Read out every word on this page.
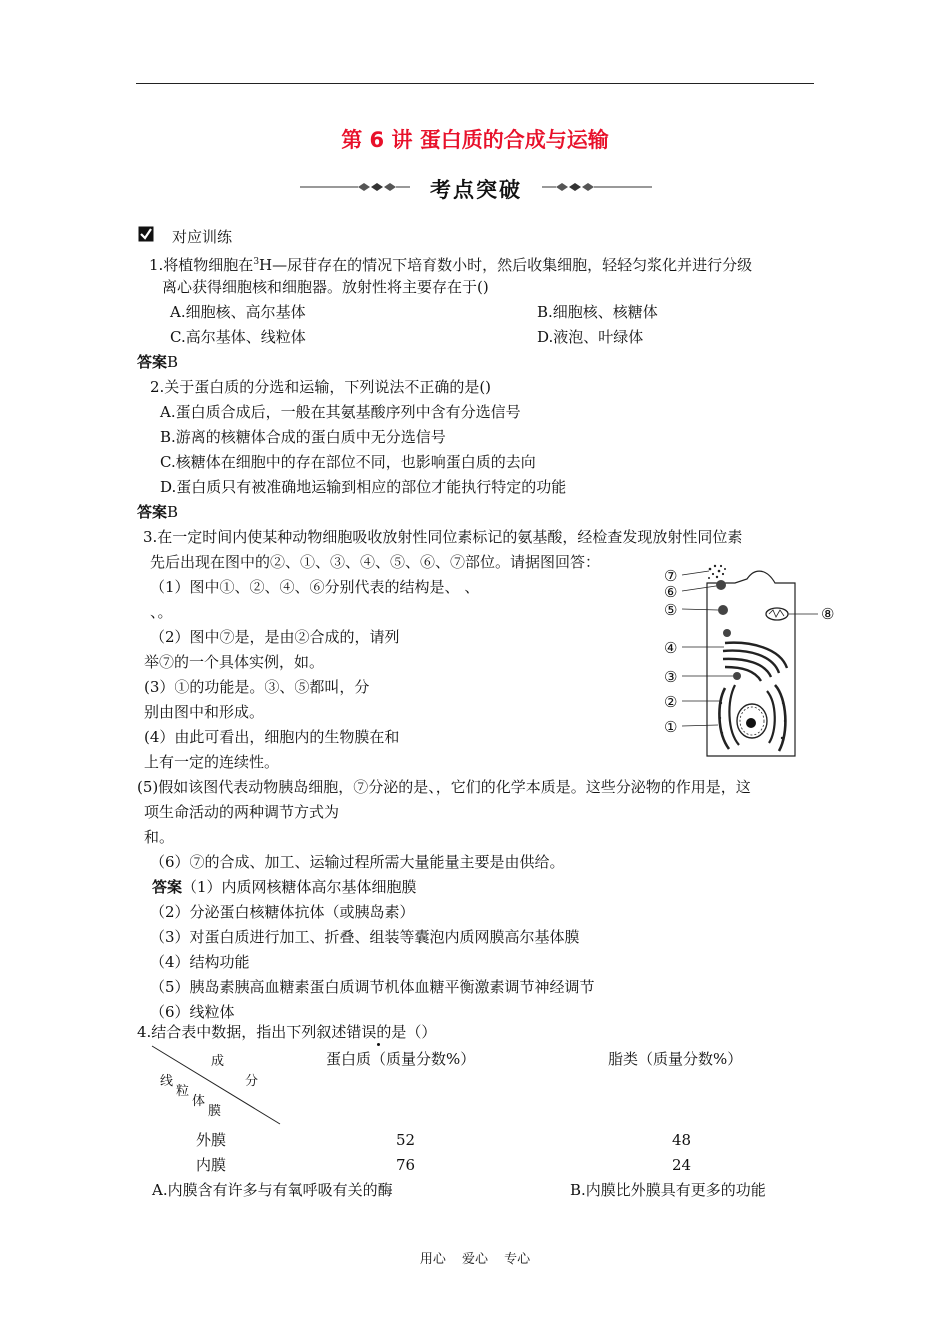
第 6 讲 蛋白质的合成与运输
考点突破
对应训练
1.将植物细胞在$^3$H—尿苷存在的情况下培育数小时，然后收集细胞，轻轻匀浆化并进行分级
离心获得细胞核和细胞器。放射性将主要存在于()
A.细胞核、高尔基体	B.细胞核、核糖体
C.高尔基体、线粒体	D.液泡、叶绿体
答案B
2.关于蛋白质的分选和运输，下列说法不正确的是()
A.蛋白质合成后，一般在其氨基酸序列中含有分选信号
B.游离的核糖体合成的蛋白质中无分选信号
C.核糖体在细胞中的存在部位不同，也影响蛋白质的去向
D.蛋白质只有被准确地运输到相应的部位才能执行特定的功能
答案B
3.在一定时间内使某种动物细胞吸收放射性同位素标记的氨基酸，经检查发现放射性同位素
先后出现在图中的②、①、③、④、⑤、⑥、⑦部位。请据图回答：
（1）图中①、②、④、⑥分别代表的结构是、 、
、。
（2）图中⑦是，是由②合成的，请列
举⑦的一个具体实例，如。
(3）①的功能是。③、⑤都叫，分
别由图中和形成。
(4）由此可看出，细胞内的生物膜在和
上有一定的连续性。
(5)假如该图代表动物胰岛细胞，⑦分泌的是、，它们的化学本质是。这些分泌物的作用是，这
项生命活动的两种调节方式为
和。
（6）⑦的合成、加工、运输过程所需大量能量主要是由供给。
答案（1）内质网核糖体高尔基体细胞膜
（2）分泌蛋白核糖体抗体（或胰岛素）
（3）对蛋白质进行加工、折叠、组装等囊泡内质网膜高尔基体膜
（4）结构功能
（5）胰岛素胰高血糖素蛋白质调节机体血糖平衡激素调节神经调节
（6）线粒体
⑦
⑥
⑤
④
③
②
①
⑧
4.结合表中数据，指出下列叙述错误的是（）
成
分
线
粒
体
膜
蛋白质（质量分数%）	脂类（质量分数%）
外膜	52	48
内膜	76	24
A.内膜含有许多与有氧呼吸有关的酶	B.内膜比外膜具有更多的功能
用心 爱心 专心
